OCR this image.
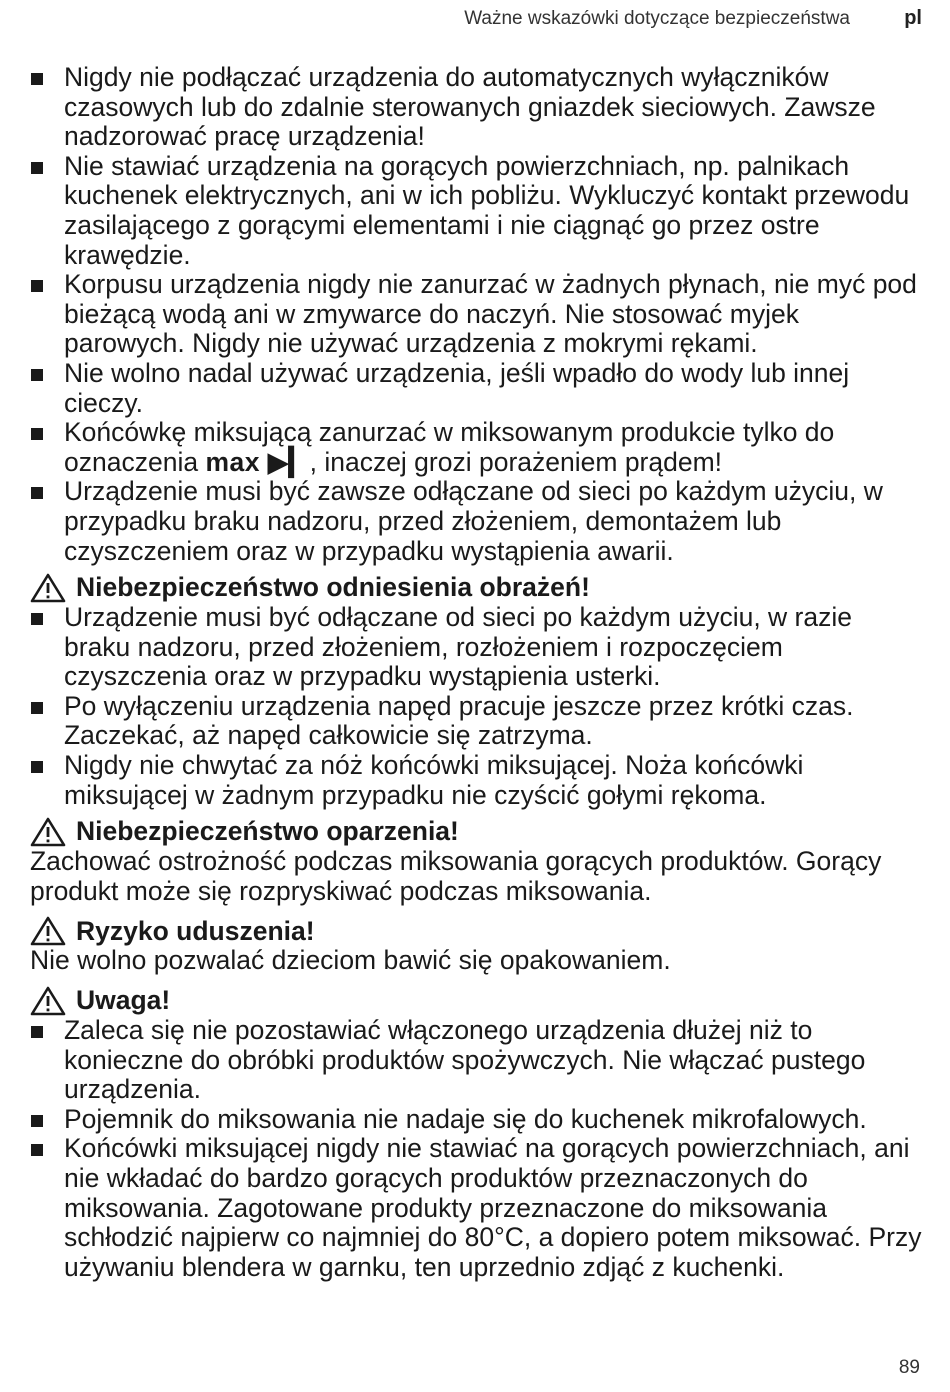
Ważne wskazówki dotyczące bezpieczeństwa	pl

Nigdy nie podłączać urządzenia do automatycznych wyłączników czasowych lub do zdalnie sterowanych gniazdek sieciowych. Zawsze nadzorować pracę urządzenia!

Nie stawiać urządzenia na gorących powierzchniach, np. palnikach kuchenek elektrycznych, ani w ich pobliżu. Wykluczyć kontakt przewodu zasilającego z gorącymi elementami i nie ciągnąć go przez ostre krawędzie.

Korpusu urządzenia nigdy nie zanurzać w żadnych płynach, nie myć pod bieżącą wodą ani w zmywarce do naczyń. Nie stosować myjek parowych. Nigdy nie używać urządzenia z mokrymi rękami.

Nie wolno nadal używać urządzenia, jeśli wpadło do wody lub innej cieczy.

Końcówkę miksującą zanurzać w miksowanym produkcie tylko do oznaczenia max ▶▎, inaczej grozi porażeniem prądem!

Urządzenie musi być zawsze odłączane od sieci po każdym użyciu, w przypadku braku nadzoru, przed złożeniem, demontażem lub czyszczeniem oraz w przypadku wystąpienia awarii.

Niebezpieczeństwo odniesienia obrażeń!

Urządzenie musi być odłączane od sieci po każdym użyciu, w razie braku nadzoru, przed złożeniem, rozłożeniem i rozpoczęciem czyszczenia oraz w przypadku wystąpienia usterki.

Po wyłączeniu urządzenia napęd pracuje jeszcze przez krótki czas. Zaczekać, aż napęd całkowicie się zatrzyma.

Nigdy nie chwytać za nóż końcówki miksującej. Noża końcówki miksującej w żadnym przypadku nie czyścić gołymi rękoma.

Niebezpieczeństwo oparzenia!

Zachować ostrożność podczas miksowania gorących produktów. Gorący produkt może się rozpryskiwać podczas miksowania.

Ryzyko uduszenia!

Nie wolno pozwalać dzieciom bawić się opakowaniem.

Uwaga!

Zaleca się nie pozostawiać włączonego urządzenia dłużej niż to konieczne do obróbki produktów spożywczych. Nie włączać pustego urządzenia.

Pojemnik do miksowania nie nadaje się do kuchenek mikrofalowych.

Końcówki miksującej nigdy nie stawiać na gorących powierzchniach, ani nie wkładać do bardzo gorących produktów przeznaczonych do miksowania. Zagotowane produkty przeznaczone do miksowania schłodzić najpierw co najmniej do 80°C, a dopiero potem miksować. Przy używaniu blendera w garnku, ten uprzednio zdjąć z kuchenki.

89
